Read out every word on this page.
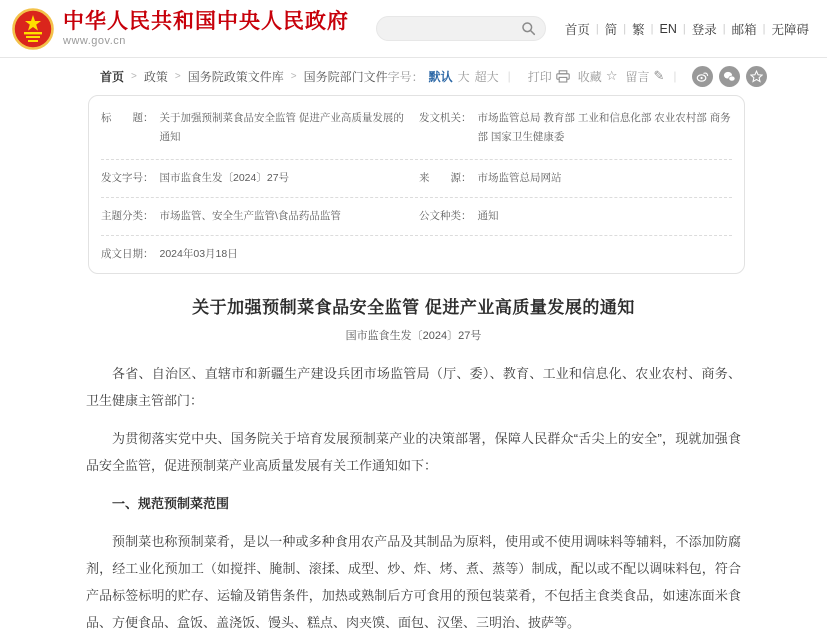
中华人民共和国中央人民政府
www.gov.cn
首页 | 简 | 繁 | EN | 登录 | 邮箱 | 无障碍
首页 > 政策 > 国务院政策文件库 > 国务院部门文件 字号： 默认 大 超大 | 打印 收藏 ☆ 留言 ✎ |
标　　题： 关于加强预制菜食品安全监管 促进产业高质量发展的通知
发文机关： 市场监管总局 教育部 工业和信息化部 农业农村部 商务部 国家卫生健康委
发文字号： 国市监食生发〔2024〕27号	来　　源： 市场监管总局网站
主题分类： 市场监管、安全生产监管\食品药品监管	公文种类： 通知
成文日期： 2024年03月18日
关于加强预制菜食品安全监管 促进产业高质量发展的通知
国市监食生发〔2024〕27号

各省、自治区、直辖市和新疆生产建设兵团市场监管局（厅、委）、教育、工业和信息化、农业农村、商务、卫生健康主管部门：

为贯彻落实党中央、国务院关于培育发展预制菜产业的决策部署，保障人民群众“舌尖上的安全”，现就加强食品安全监管，促进预制菜产业高质量发展有关工作通知如下：

一、规范预制菜范围

预制菜也称预制菜肴，是以一种或多种食用农产品及其制品为原料，使用或不使用调味料等辅料，不添加防腐剂，经工业化预加工（如搅拌、腌制、滚揉、成型、炒、炸、烤、煮、蒸等）制成，配以或不配以调味料包，符合产品标签标明的贮存、运输及销售条件，加热或熟制后方可食用的预包装菜肴，不包括主食类食品，如速冻面米食品、方便食品、盒饭、盖浇饭、馒头、糕点、肉夹馍、面包、汉堡、三明治、披萨等。
